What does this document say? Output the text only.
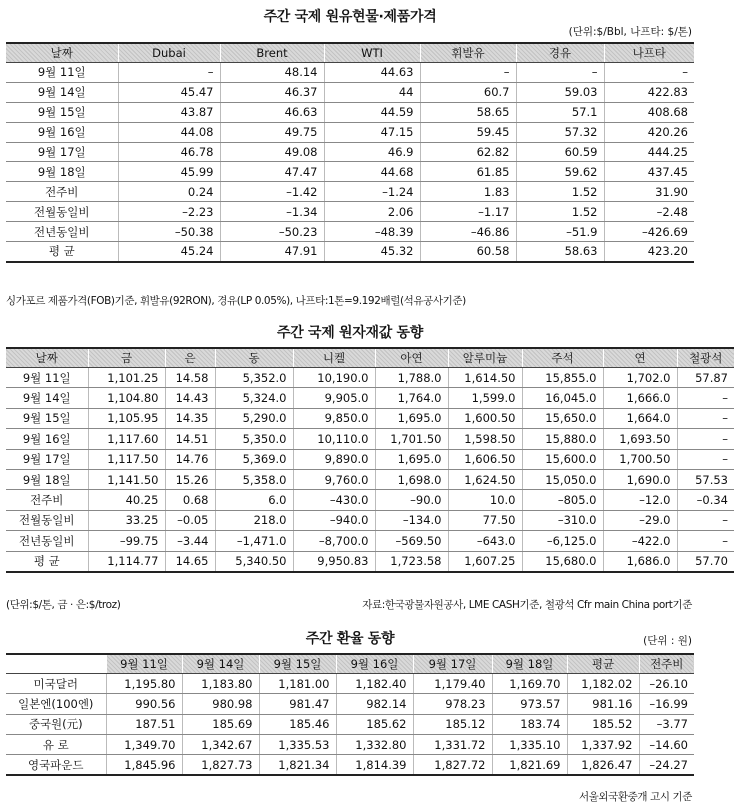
주간 국제 원유현물·제품가격
(단위:$/Bbl, 나프타: $/톤)
날짜	Dubai	Brent	WTI	휘발유	경유	나프타
9월 11일	–	48.14	44.63	–	–	–
9월 14일	45.47	46.37	44	60.7	59.03	422.83
9월 15일	43.87	46.63	44.59	58.65	57.1	408.68
9월 16일	44.08	49.75	47.15	59.45	57.32	420.26
9월 17일	46.78	49.08	46.9	62.82	60.59	444.25
9월 18일	45.99	47.47	44.68	61.85	59.62	437.45
전주비	0.24	–1.42	–1.24	1.83	1.52	31.90
전월동일비	–2.23	–1.34	2.06	–1.17	1.52	–2.48
전년동일비	–50.38	–50.23	–48.39	–46.86	–51.9	–426.69
평 균	45.24	47.91	45.32	60.58	58.63	423.20
싱가포르 제품가격(FOB)기준, 휘발유(92RON), 경유(LP 0.05%), 나프타:1톤=9.192배럴(석유공사기준)
주간 국제 원자재값 동향
날짜	금	은	동	니켈	아연	알루미늄	주석	연	철광석
9월 11일	1,101.25	14.58	5,352.0	10,190.0	1,788.0	1,614.50	15,855.0	1,702.0	57.87
9월 14일	1,104.80	14.43	5,324.0	9,905.0	1,764.0	1,599.0	16,045.0	1,666.0	–
9월 15일	1,105.95	14.35	5,290.0	9,850.0	1,695.0	1,600.50	15,650.0	1,664.0	–
9월 16일	1,117.60	14.51	5,350.0	10,110.0	1,701.50	1,598.50	15,880.0	1,693.50	–
9월 17일	1,117.50	14.76	5,369.0	9,890.0	1,695.0	1,606.50	15,600.0	1,700.50	–
9월 18일	1,141.50	15.26	5,358.0	9,760.0	1,698.0	1,624.50	15,050.0	1,690.0	57.53
전주비	40.25	0.68	6.0	–430.0	–90.0	10.0	–805.0	–12.0	–0.34
전월동일비	33.25	–0.05	218.0	–940.0	–134.0	77.50	–310.0	–29.0	–
전년동일비	–99.75	–3.44	–1,471.0	–8,700.0	–569.50	–643.0	–6,125.0	–422.0	–
평 균	1,114.77	14.65	5,340.50	9,950.83	1,723.58	1,607.25	15,680.0	1,686.0	57.70
(단위:$/톤, 금 · 은:$/troz)	자료:한국광물자원공사, LME CASH기준, 철광석 Cfr main China port기준
주간 환율 동향	(단위 : 원)
	9월 11일	9월 14일	9월 15일	9월 16일	9월 17일	9월 18일	평균	전주비
미국달러	1,195.80	1,183.80	1,181.00	1,182.40	1,179.40	1,169.70	1,182.02	–26.10
일본엔(100엔)	990.56	980.98	981.47	982.14	978.23	973.57	981.16	–16.99
중국원(元)	187.51	185.69	185.46	185.62	185.12	183.74	185.52	–3.77
유 로	1,349.70	1,342.67	1,335.53	1,332.80	1,331.72	1,335.10	1,337.92	–14.60
영국파운드	1,845.96	1,827.73	1,821.34	1,814.39	1,827.72	1,821.69	1,826.47	–24.27
서울외국환중개 고시 기준
